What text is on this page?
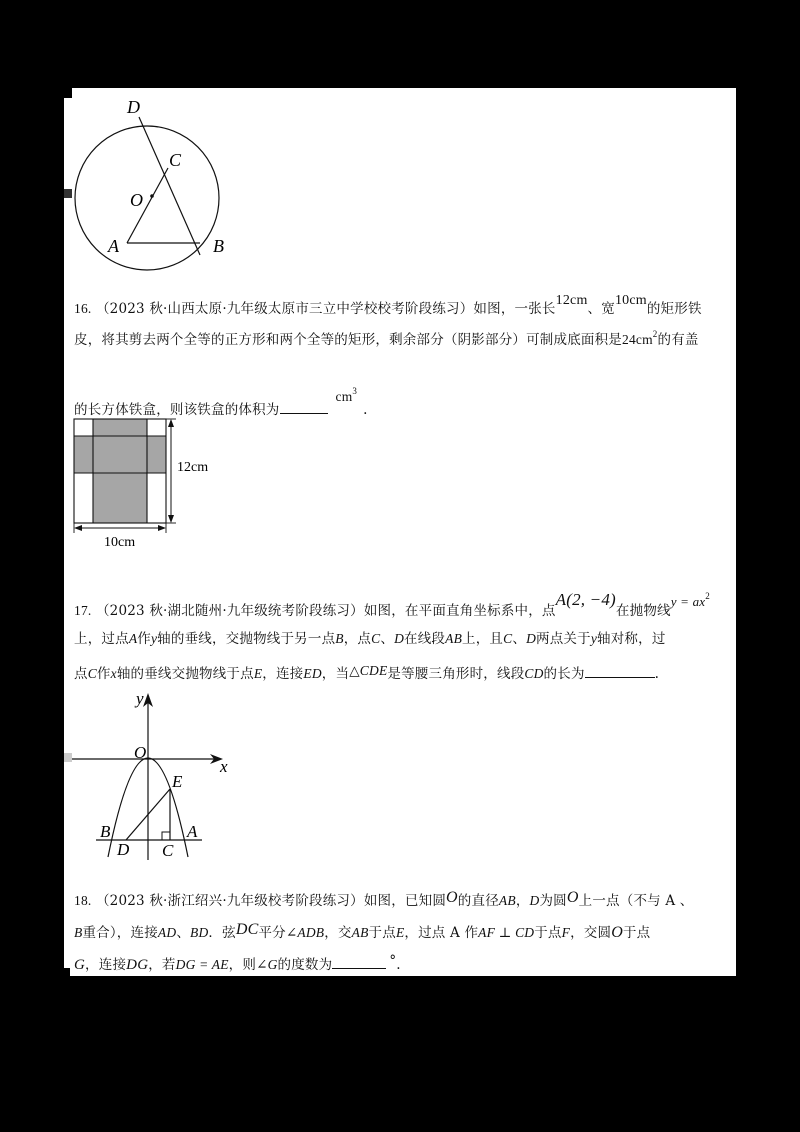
D
C
O
A	B
16. （2023 秋·山西太原·九年级太原市三立中学校校考阶段练习）如图，一张长12cm、宽10cm的矩形铁
皮，将其剪去两个全等的正方形和两个全等的矩形，剩余部分（阴影部分）可制成底面积是$24cm^2$的有盖
的长方体铁盒，则该铁盒的体积为$cm^3$.
12cm
10cm
17. （2023 秋·湖北随州·九年级统考阶段练习）如图，在平面直角坐标系中，点A(2, −4)在抛物线$y = ax^2$
上，过点A作y轴的垂线，交抛物线于另一点B，点C、D在线段AB上，且C、D两点关于y轴对称，过
点C作x轴的垂线交抛物线于点E，连接ED，当△CDE是等腰三角形时，线段CD的长为	.
y
x
O
E
B
D C
A
18. （2023 秋·浙江绍兴·九年级校考阶段练习）如图，已知圆O的直径AB，D为圆O上一点（不与 A 、
B重合），连接AD、BD．弦DC平分∠ADB，交AB于点E，过点 A 作AF ⊥ CD于点F，交圆O于点
G，连接DG，若DG = AE，则∠G的度数为	°.
